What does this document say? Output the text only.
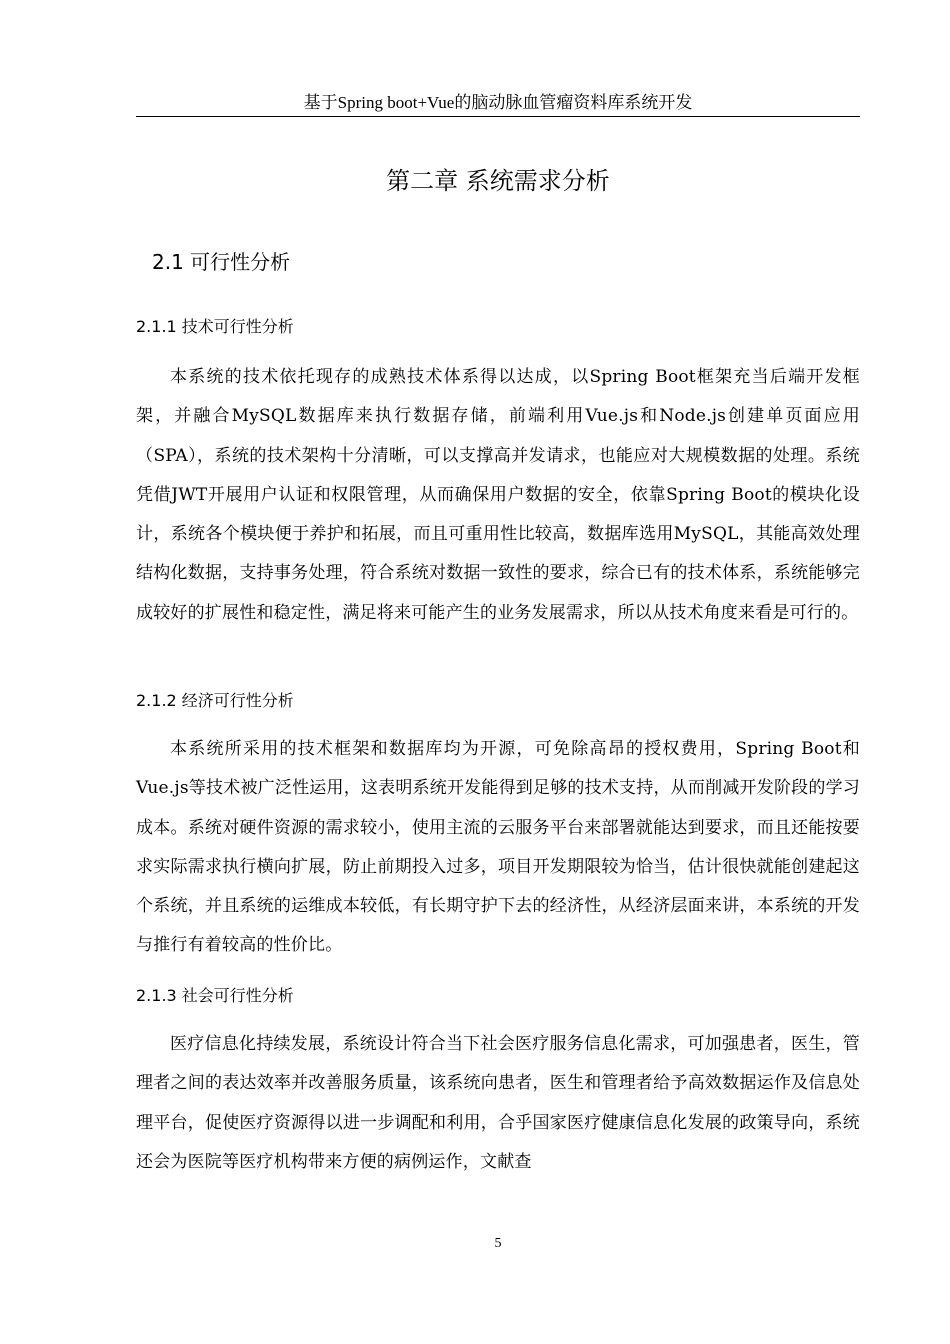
基于Spring boot+Vue的脑动脉血管瘤资料库系统开发
第二章 系统需求分析
2.1 可行性分析
2.1.1 技术可行性分析

本系统的技术依托现存的成熟技术体系得以达成，以Spring Boot框架充当后端开发框架，并融合MySQL数据库来执行数据存储，前端利用Vue.js和Node.js创建单页面应用（SPA），系统的技术架构十分清晰，可以支撑高并发请求，也能应对大规模数据的处理。系统凭借JWT开展用户认证和权限管理，从而确保用户数据的安全，依靠Spring Boot的模块化设计，系统各个模块便于养护和拓展，而且可重用性比较高，数据库选用MySQL，其能高效处理结构化数据，支持事务处理，符合系统对数据一致性的要求，综合已有的技术体系，系统能够完成较好的扩展性和稳定性，满足将来可能产生的业务发展需求，所以从技术角度来看是可行的。

2.1.2 经济可行性分析

本系统所采用的技术框架和数据库均为开源，可免除高昂的授权费用，Spring Boot和Vue.js等技术被广泛性运用，这表明系统开发能得到足够的技术支持，从而削减开发阶段的学习成本。系统对硬件资源的需求较小，使用主流的云服务平台来部署就能达到要求，而且还能按要求实际需求执行横向扩展，防止前期投入过多，项目开发期限较为恰当，估计很快就能创建起这个系统，并且系统的运维成本较低，有长期守护下去的经济性，从经济层面来讲，本系统的开发与推行有着较高的性价比。

2.1.3 社会可行性分析

医疗信息化持续发展，系统设计符合当下社会医疗服务信息化需求，可加强患者，医生，管理者之间的表达效率并改善服务质量，该系统向患者，医生和管理者给予高效数据运作及信息处理平台，促使医疗资源得以进一步调配和利用，合乎国家医疗健康信息化发展的政策导向，系统还会为医院等医疗机构带来方便的病例运作，文献查

5
